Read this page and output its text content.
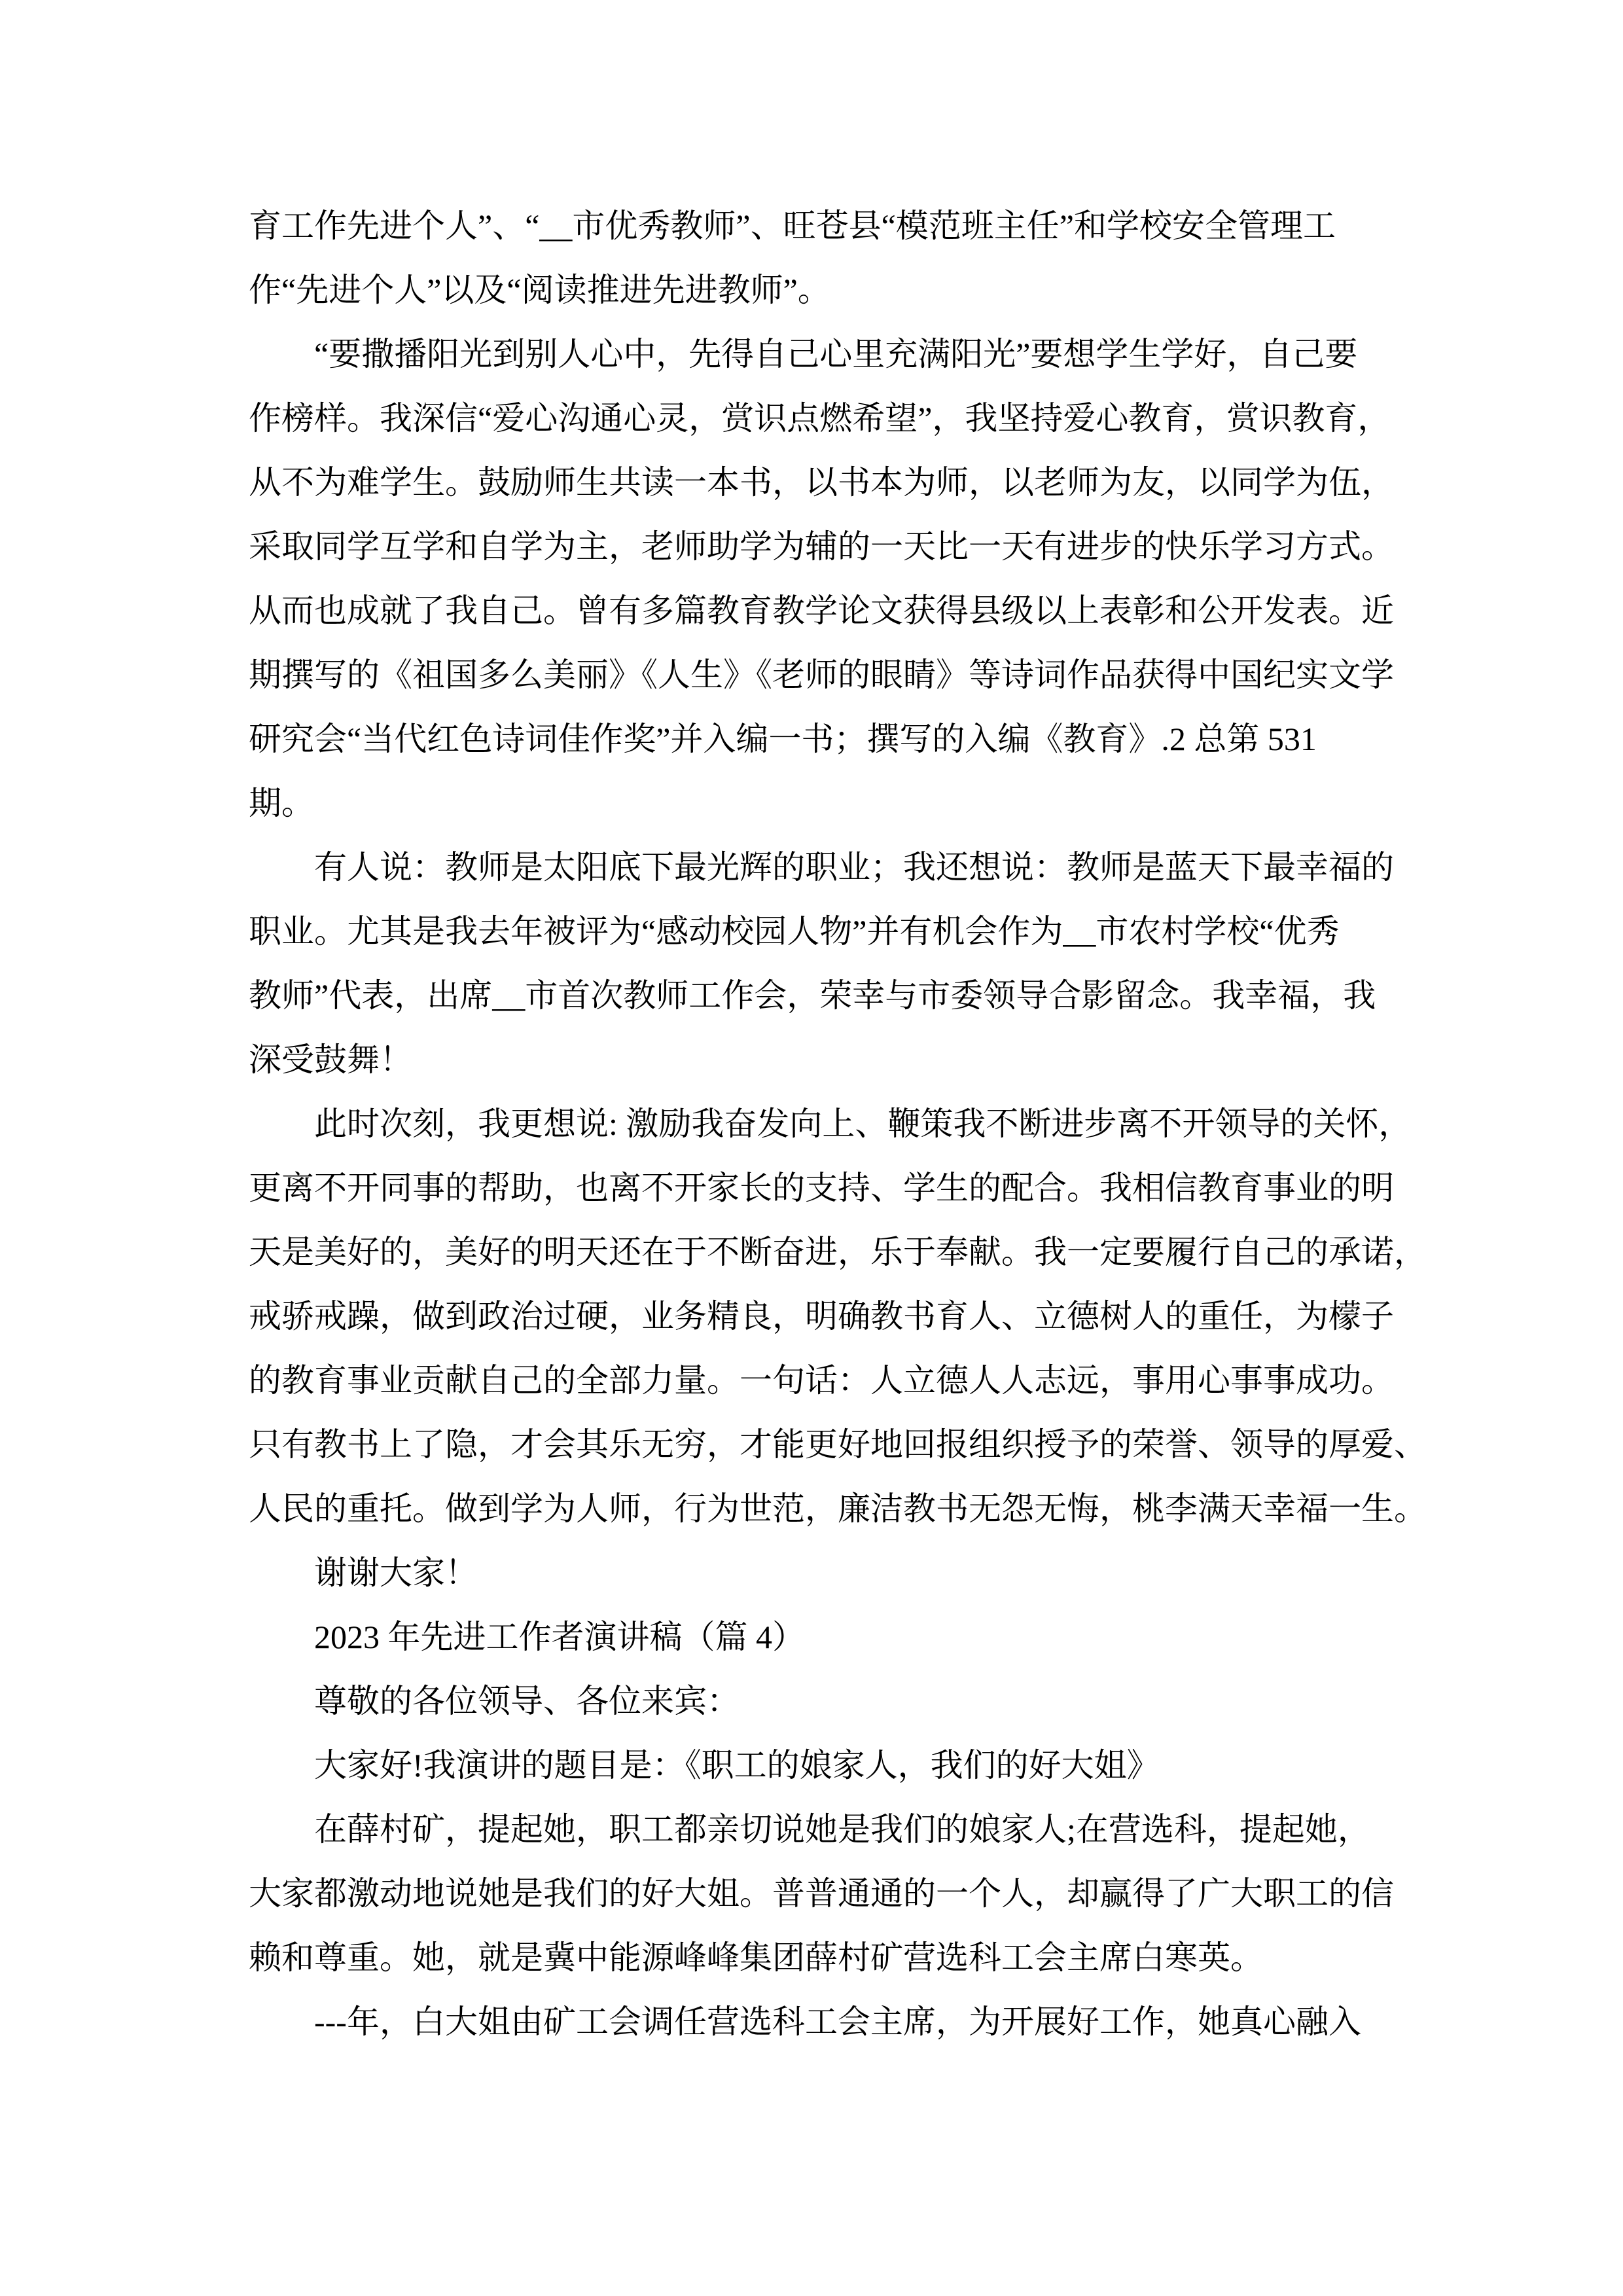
育工作先进个人”、“__市优秀教师”、旺苍县“模范班主任”和学校安全管理工
作“先进个人”以及“阅读推进先进教师”。
“要撒播阳光到别人心中，先得自己心里充满阳光”要想学生学好，自己要
作榜样。我深信“爱心沟通心灵，赏识点燃希望”，我坚持爱心教育，赏识教育，
从不为难学生。鼓励师生共读一本书，以书本为师，以老师为友，以同学为伍，
采取同学互学和自学为主，老师助学为辅的一天比一天有进步的快乐学习方式。
从而也成就了我自己。曾有多篇教育教学论文获得县级以上表彰和公开发表。近
期撰写的《祖国多么美丽》《人生》《老师的眼睛》等诗词作品获得中国纪实文学
研究会“当代红色诗词佳作奖”并入编一书；撰写的入编《教育》.2 总第 531
期。
有人说：教师是太阳底下最光辉的职业；我还想说：教师是蓝天下最幸福的
职业。尤其是我去年被评为“感动校园人物”并有机会作为__市农村学校“优秀
教师”代表，出席__市首次教师工作会，荣幸与市委领导合影留念。我幸福，我
深受鼓舞！
此时次刻，我更想说: 激励我奋发向上、鞭策我不断进步离不开领导的关怀，
更离不开同事的帮助，也离不开家长的支持、学生的配合。我相信教育事业的明
天是美好的，美好的明天还在于不断奋进，乐于奉献。我一定要履行自己的承诺，
戒骄戒躁，做到政治过硬，业务精良，明确教书育人、立德树人的重任，为檬子
的教育事业贡献自己的全部力量。一句话：人立德人人志远，事用心事事成功。
只有教书上了隐，才会其乐无穷，才能更好地回报组织授予的荣誉、领导的厚爱、
人民的重托。做到学为人师，行为世范，廉洁教书无怨无悔，桃李满天幸福一生。
谢谢大家！
2023 年先进工作者演讲稿（篇 4）
尊敬的各位领导、各位来宾：
大家好!我演讲的题目是：《职工的娘家人，我们的好大姐》
在薛村矿，提起她，职工都亲切说她是我们的娘家人;在营选科，提起她，
大家都激动地说她是我们的好大姐。普普通通的一个人，却赢得了广大职工的信
赖和尊重。她，就是冀中能源峰峰集团薛村矿营选科工会主席白寒英。
---年，白大姐由矿工会调任营选科工会主席，为开展好工作，她真心融入
